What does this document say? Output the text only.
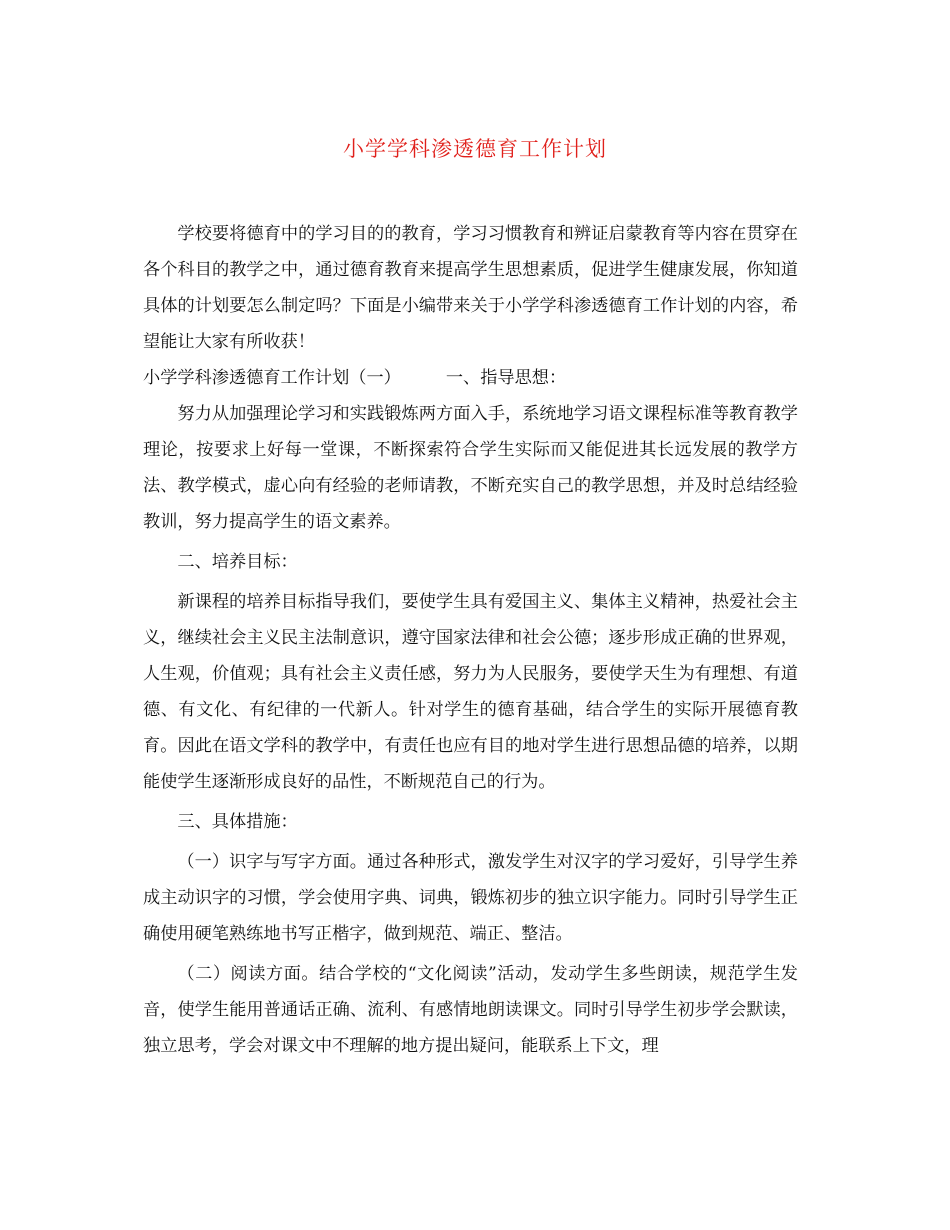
小学学科渗透德育工作计划

学校要将德育中的学习目的的教育，学习习惯教育和辨证启蒙教育等内容在贯穿在各个科目的教学之中，通过德育教育来提高学生思想素质，促进学生健康发展，你知道具体的计划要怎么制定吗？下面是小编带来关于小学学科渗透德育工作计划的内容，希望能让大家有所收获！

小学学科渗透德育工作计划（一）	一、指导思想：

努力从加强理论学习和实践锻炼两方面入手，系统地学习语文课程标准等教育教学理论，按要求上好每一堂课，不断探索符合学生实际而又能促进其长远发展的教学方法、教学模式，虚心向有经验的老师请教，不断充实自己的教学思想，并及时总结经验教训，努力提高学生的语文素养。

二、培养目标：

新课程的培养目标指导我们，要使学生具有爱国主义、集体主义精神，热爱社会主义，继续社会主义民主法制意识，遵守国家法律和社会公德；逐步形成正确的世界观，人生观，价值观；具有社会主义责任感，努力为人民服务，要使学天生为有理想、有道德、有文化、有纪律的一代新人。针对学生的德育基础，结合学生的实际开展德育教育。因此在语文学科的教学中，有责任也应有目的地对学生进行思想品德的培养，以期能使学生逐渐形成良好的品性，不断规范自己的行为。

三、具体措施：

（一）识字与写字方面。通过各种形式，激发学生对汉字的学习爱好，引导学生养成主动识字的习惯，学会使用字典、词典，锻炼初步的独立识字能力。同时引导学生正确使用硬笔熟练地书写正楷字，做到规范、端正、整洁。

（二）阅读方面。结合学校的“文化阅读”活动，发动学生多些朗读，规范学生发音，使学生能用普通话正确、流利、有感情地朗读课文。同时引导学生初步学会默读，独立思考，学会对课文中不理解的地方提出疑问，能联系上下文，理
